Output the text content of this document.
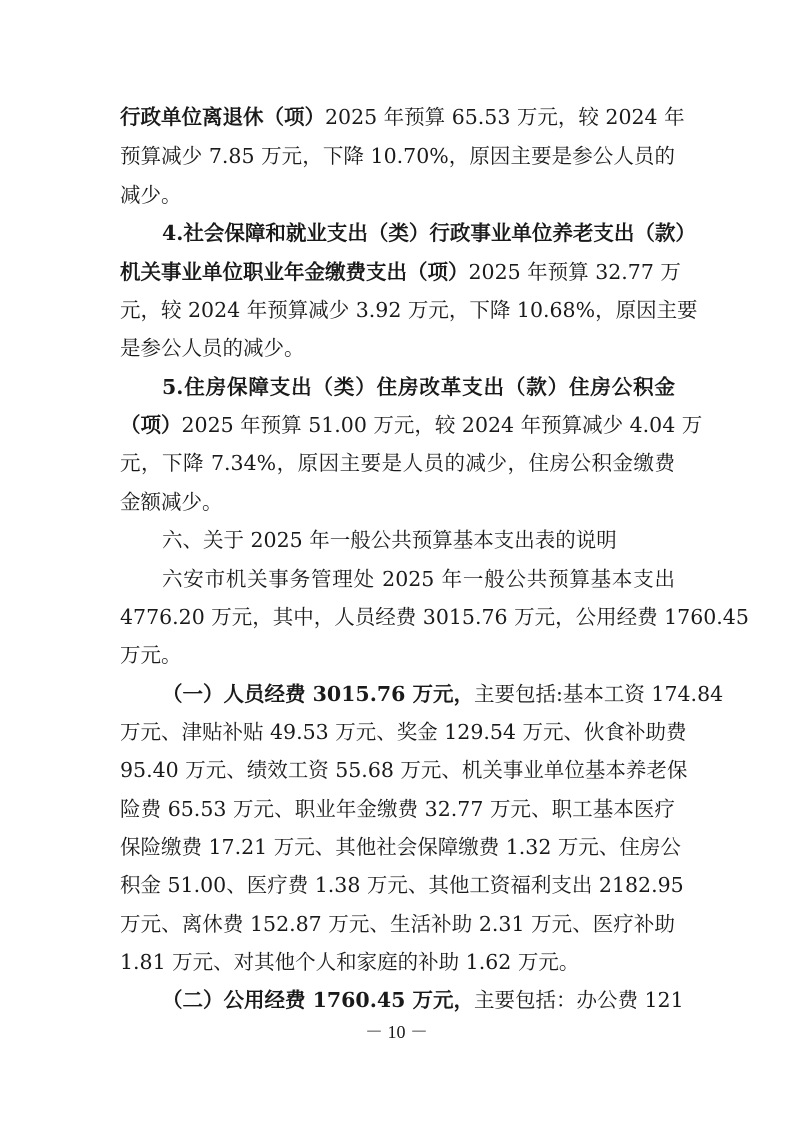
行政单位离退休（项）2025 年预算 65.53 万元，较 2024 年
预算减少 7.85 万元，下降 10.70%，原因主要是参公人员的
减少。
4.社会保障和就业支出（类）行政事业单位养老支出（款）
机关事业单位职业年金缴费支出（项）2025 年预算 32.77 万
元，较 2024 年预算减少 3.92 万元，下降 10.68%，原因主要
是参公人员的减少。
5.住房保障支出（类）住房改革支出（款）住房公积金
（项）2025 年预算 51.00 万元，较 2024 年预算减少 4.04 万
元，下降 7.34%，原因主要是人员的减少，住房公积金缴费
金额减少。
六、关于 2025 年一般公共预算基本支出表的说明
六安市机关事务管理处 2025 年一般公共预算基本支出
4776.20 万元，其中，人员经费 3015.76 万元，公用经费 1760.45
万元。
（一）人员经费 3015.76 万元，主要包括:基本工资 174.84
万元、津贴补贴 49.53 万元、奖金 129.54 万元、伙食补助费
95.40 万元、绩效工资 55.68 万元、机关事业单位基本养老保
险费 65.53 万元、职业年金缴费 32.77 万元、职工基本医疗
保险缴费 17.21 万元、其他社会保障缴费 1.32 万元、住房公
积金 51.00、医疗费 1.38 万元、其他工资福利支出 2182.95
万元、离休费 152.87 万元、生活补助 2.31 万元、医疗补助
1.81 万元、对其他个人和家庭的补助 1.62 万元。
（二）公用经费 1760.45 万元，主要包括：办公费 121
－ 10 －
